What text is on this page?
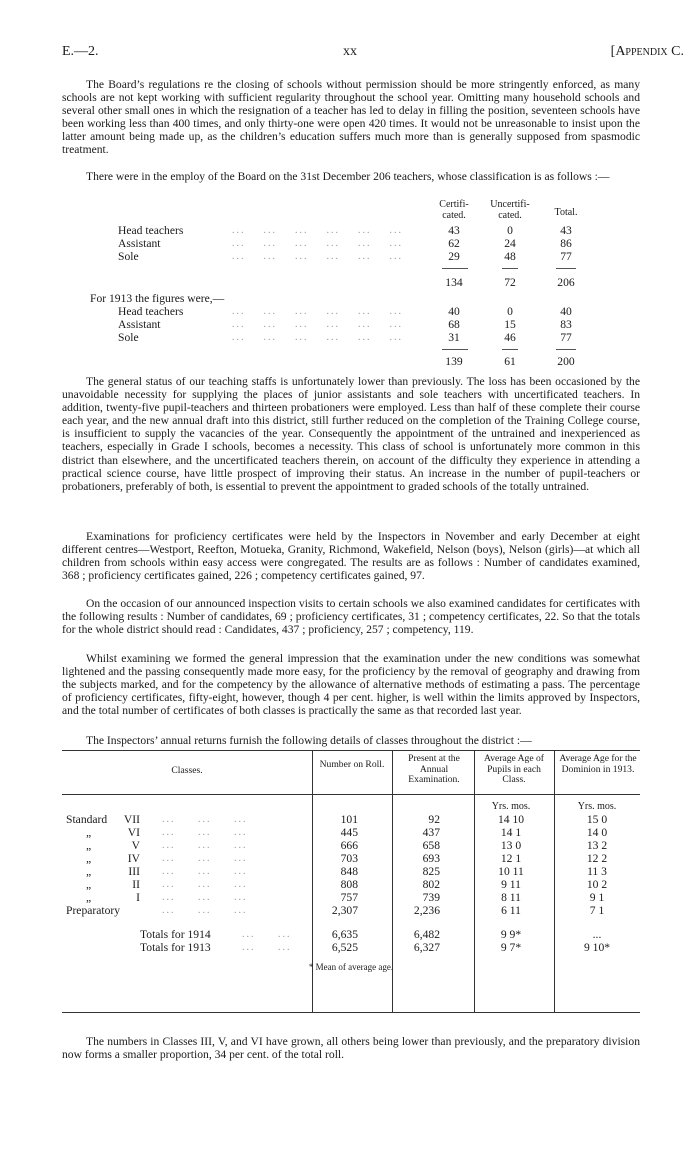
E.—2.	xx	[Appendix C.

The Board’s regulations re the closing of schools without permission should be more stringently enforced, as many schools are not kept working with sufficient regularity throughout the school year. Omitting many household schools and several other small ones in which the resignation of a teacher has led to delay in filling the position, seventeen schools have been working less than 400 times, and only thirty-one were open 420 times. It would not be unreasonable to insist upon the latter amount being made up, as the children’s education suffers much more than is generally supposed from spasmodic treatment.

There were in the employ of the Board on the 31st December 206 teachers, whose classification is as follows :—

Certifi- cated.
Uncertifi- cated.	Total.
Head teachers	...    ...    ...    ...    ...    ...	43	0	43
Assistant	...    ...    ...    ...    ...    ...	62	24	86
Sole	...    ...    ...    ...    ...    ...	29	48	77
134	72	206
For 1913 the figures were,—
Head teachers	...    ...    ...    ...    ...    ...	40	0	40
Assistant	...    ...    ...    ...    ...    ...	68	15	83
Sole	...    ...    ...    ...    ...    ...	31	46	77
139	61	200

The general status of our teaching staffs is unfortunately lower than previously. The loss has been occasioned by the unavoidable necessity for supplying the places of junior assistants and sole teachers with uncertificated teachers. In addition, twenty-five pupil-teachers and thirteen probationers were employed. Less than half of these complete their course each year, and the new annual draft into this district, still further reduced on the completion of the Training College course, is insufficient to supply the vacancies of the year. Consequently the appointment of the untrained and inexperienced as teachers, especially in Grade I schools, becomes a necessity. This class of school is unfortunately more common in this district than elsewhere, and the uncertificated teachers therein, on account of the difficulty they experience in attending a practical science course, have little prospect of improving their status. An increase in the number of pupil-teachers or probationers, preferably of both, is essential to prevent the appointment to graded schools of the totally untrained.

Examinations for proficiency certificates were held by the Inspectors in November and early December at eight different centres—Westport, Reefton, Motueka, Granity, Richmond, Wakefield, Nelson (boys), Nelson (girls)—at which all children from schools within easy access were congregated. The results are as follows : Number of candidates examined, 368 ; proficiency certificates gained, 226 ; competency certificates gained, 97.

On the occasion of our announced inspection visits to certain schools we also examined candidates for certificates with the following results : Number of candidates, 69 ; proficiency certificates, 31 ; competency certificates, 22. So that the totals for the whole district should read : Candidates, 437 ; proficiency, 257 ; competency, 119.

Whilst examining we formed the general impression that the examination under the new conditions was somewhat lightened and the passing consequently made more easy, for the proficiency by the removal of geography and drawing from the subjects marked, and for the competency by the allowance of alternative methods of estimating a pass. The percentage of proficiency certificates, fifty-eight, however, though 4 per cent. higher, is well within the limits approved by Inspectors, and the total number of certificates of both classes is practically the same as that recorded last year.

Classes.
Number on Roll.
Present at the Annual Examination.
Average Age of Pupils in each Class.
Average Age for the Dominion in 1913.
Yrs. mos.	Yrs. mos.
Standard	VII ...     ...     ...	101	92	14 10	15 0
„	VI ...     ...     ...	445	437	14 1	14 0
„	V ...     ...     ...	666	658	13 0	13 2
„	IV ...     ...     ...	703	693	12 1	12 2
„	III ...     ...     ...	848	825	10 11	11 3
„	II ...     ...     ...	808	802	9 11	10 2
„	I ...     ...     ...	757	739	8 11	9 1
Preparatory	...     ...     ...	2,307	2,236	6 11	7 1
Totals for 1914	...     ...	6,635	6,482	9 9*	...
Totals for 1913	...     ...	6,525	6,327	9 7*	9 10*
* Mean of average age.

The Inspectors’ annual returns furnish the following details of classes throughout the district :—

The numbers in Classes III, V, and VI have grown, all others being lower than previously, and the preparatory division now forms a smaller proportion, 34 per cent. of the total roll.
